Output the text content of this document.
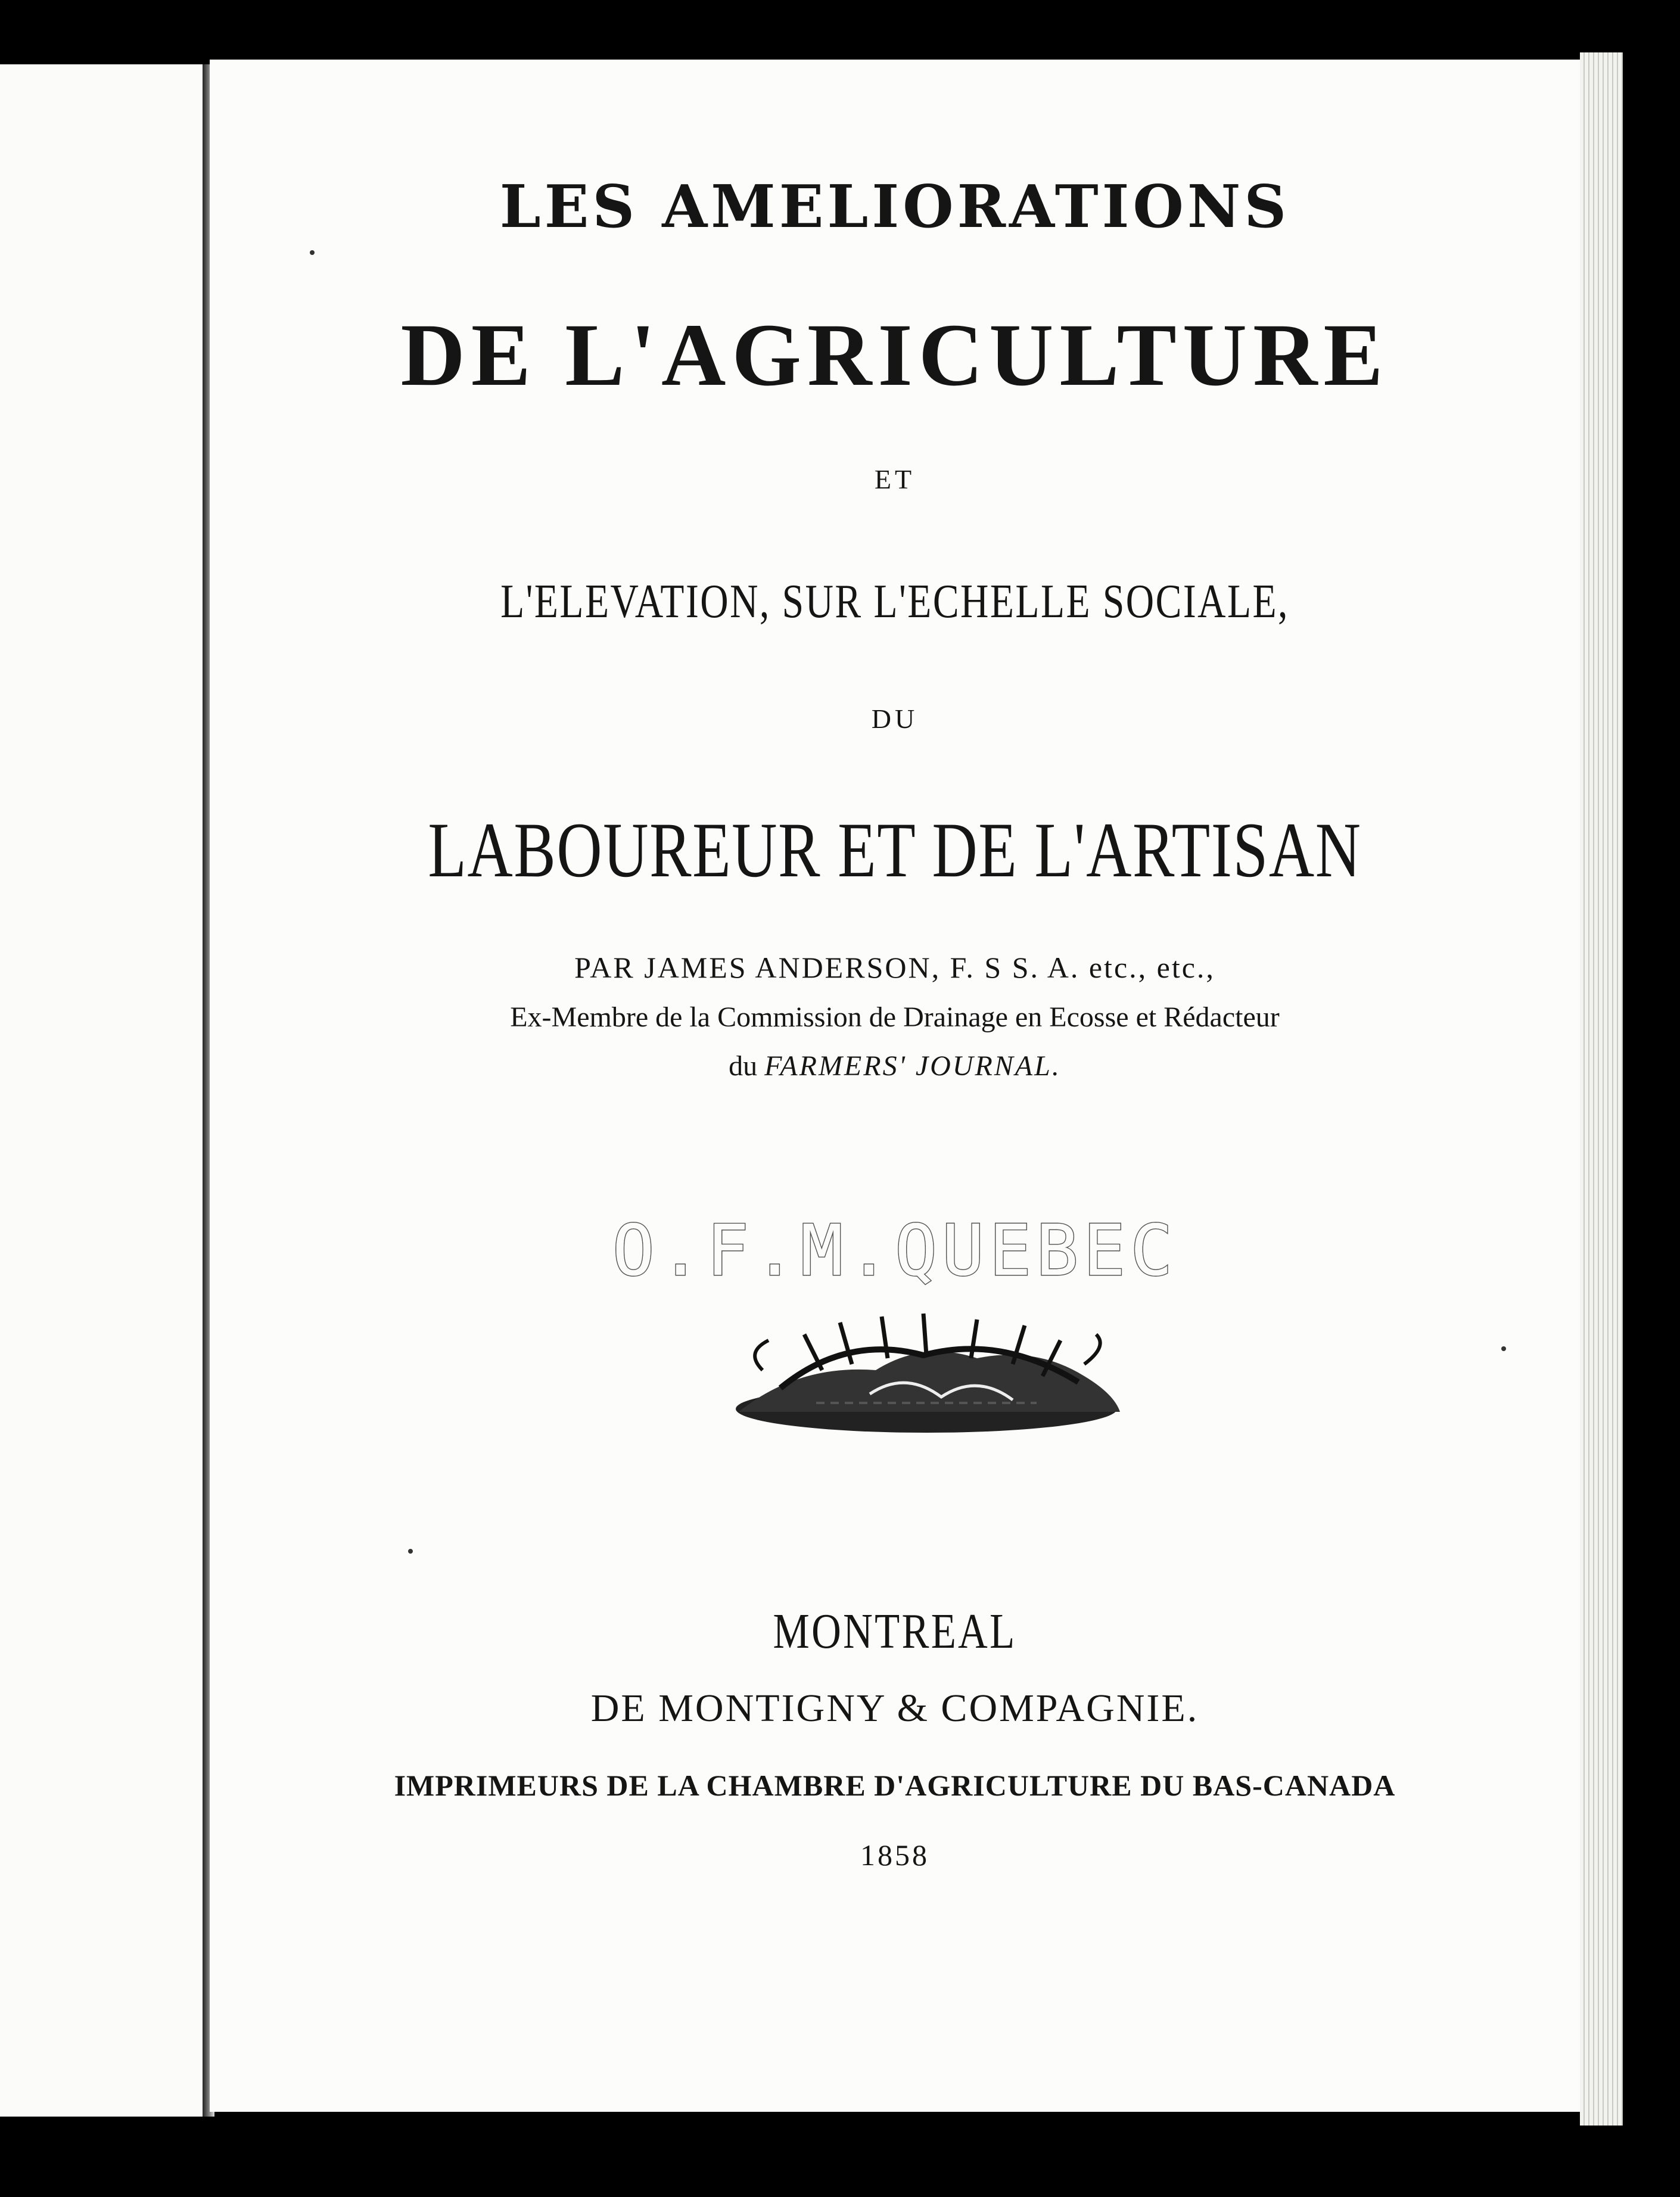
LES AMELIORATIONS
DE L'AGRICULTURE
ET
L'ELEVATION, SUR L'ECHELLE SOCIALE,
DU
LABOUREUR ET DE L'ARTISAN
PAR JAMES ANDERSON, F. S S. A. etc., etc.,
Ex-Membre de la Commission de Drainage en Ecosse et Rédacteur
du FARMERS' JOURNAL.
O.F.M.QUEBEC
MONTREAL
DE MONTIGNY & COMPAGNIE.
IMPRIMEURS DE LA CHAMBRE D'AGRICULTURE DU BAS-CANADA
1858
